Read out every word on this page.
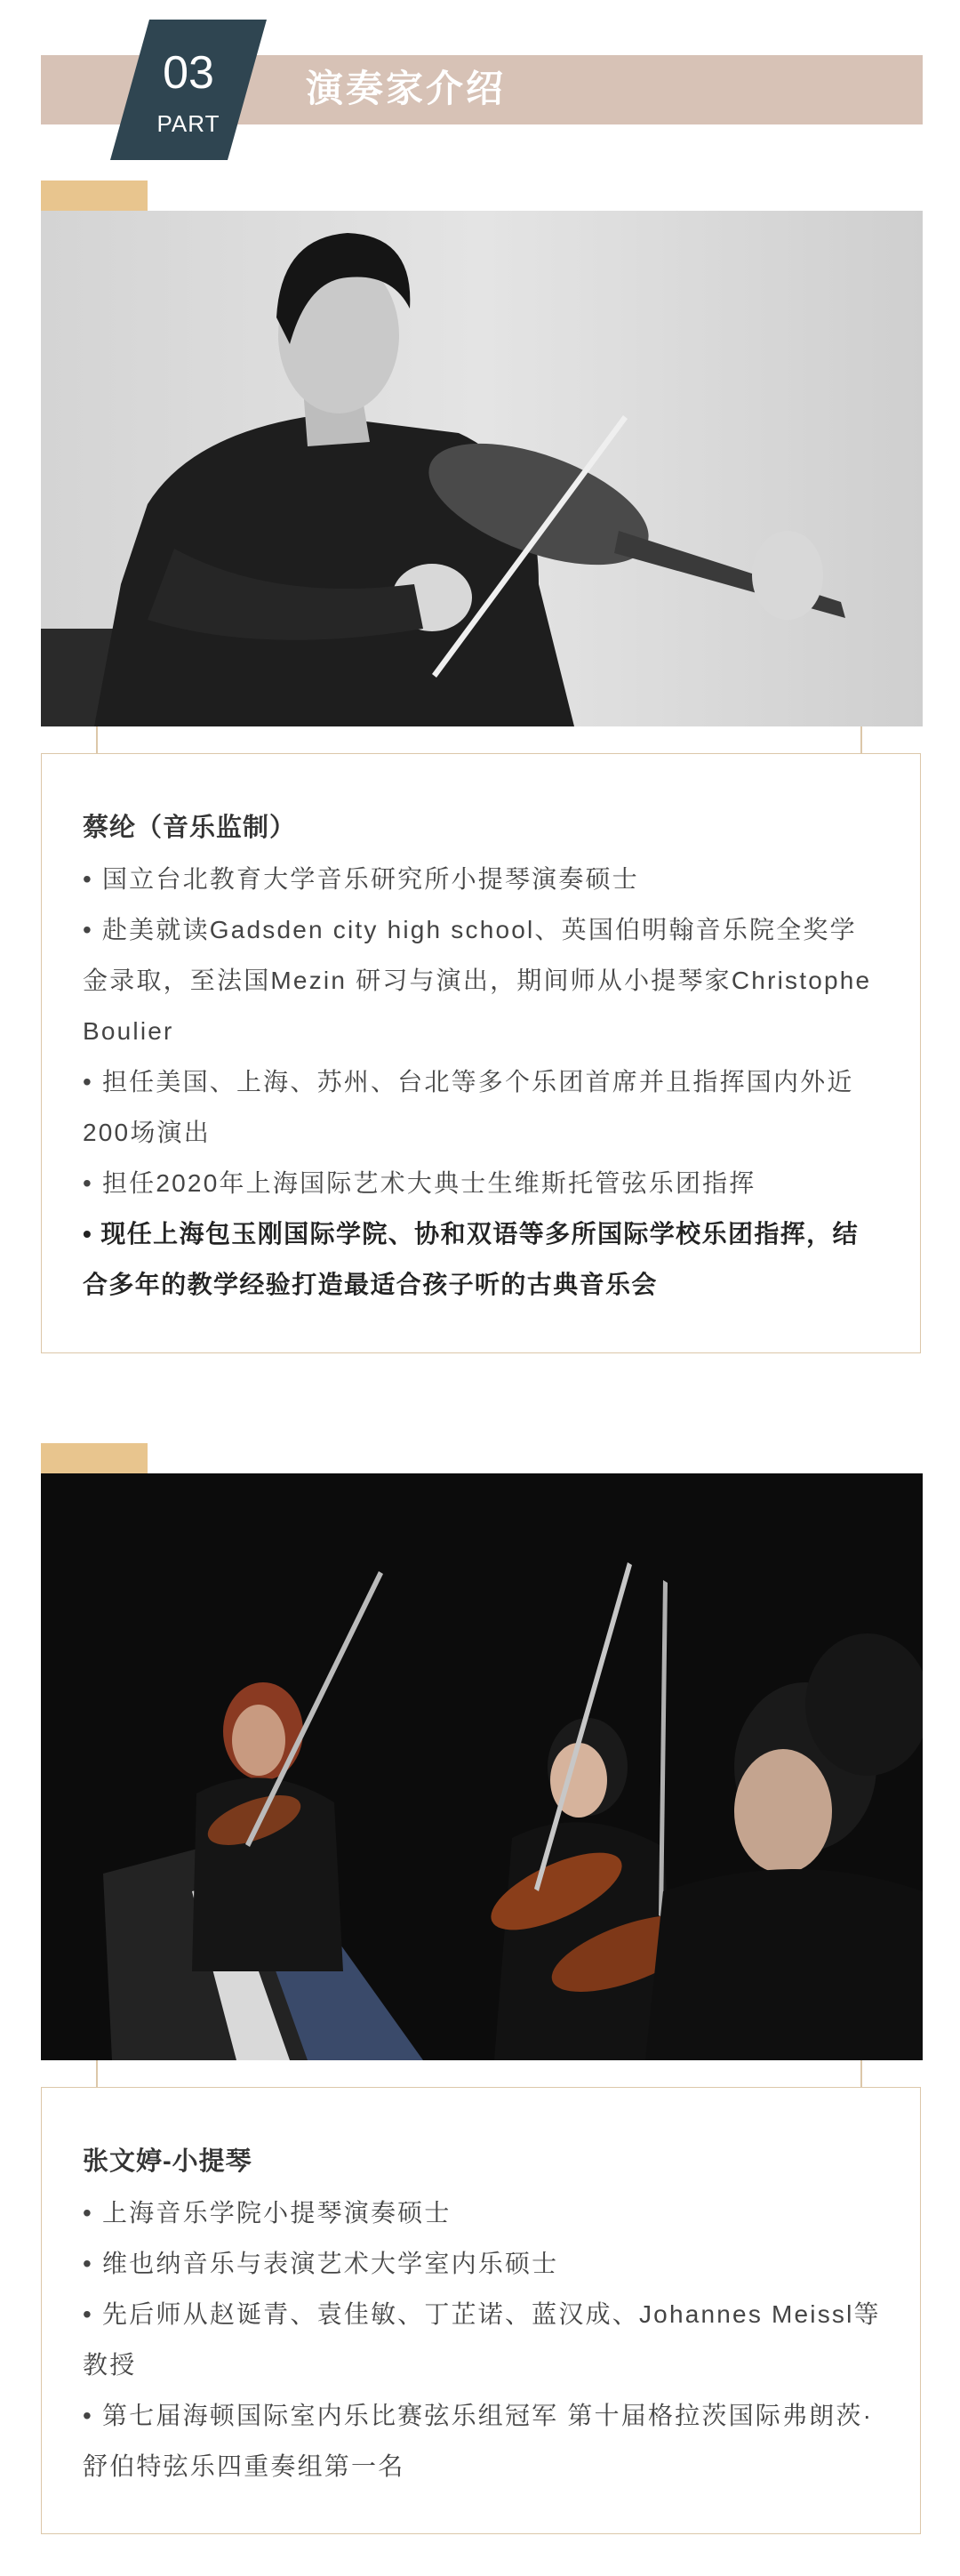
03
PART
演奏家介绍
蔡纶（音乐监制）

• 国立台北教育大学音乐研究所小提琴演奏硕士

• 赴美就读Gadsden city high school、英国伯明翰音乐院全奖学金录取，至法国Mezin 研习与演出，期间师从小提琴家Christophe Boulier

• 担任美国、上海、苏州、台北等多个乐团首席并且指挥国内外近200场演出

• 担任2020年上海国际艺术大典士生维斯托管弦乐团指挥

• 现任上海包玉刚国际学院、协和双语等多所国际学校乐团指挥，结合多年的教学经验打造最适合孩子听的古典音乐会

张文婷-小提琴

• 上海音乐学院小提琴演奏硕士

• 维也纳音乐与表演艺术大学室内乐硕士

• 先后师从赵诞青、袁佳敏、丁芷诺、蓝汉成、Johannes Meissl等教授

• 第七届海顿国际室内乐比赛弦乐组冠军 第十届格拉茨国际弗朗茨·舒伯特弦乐四重奏组第一名
